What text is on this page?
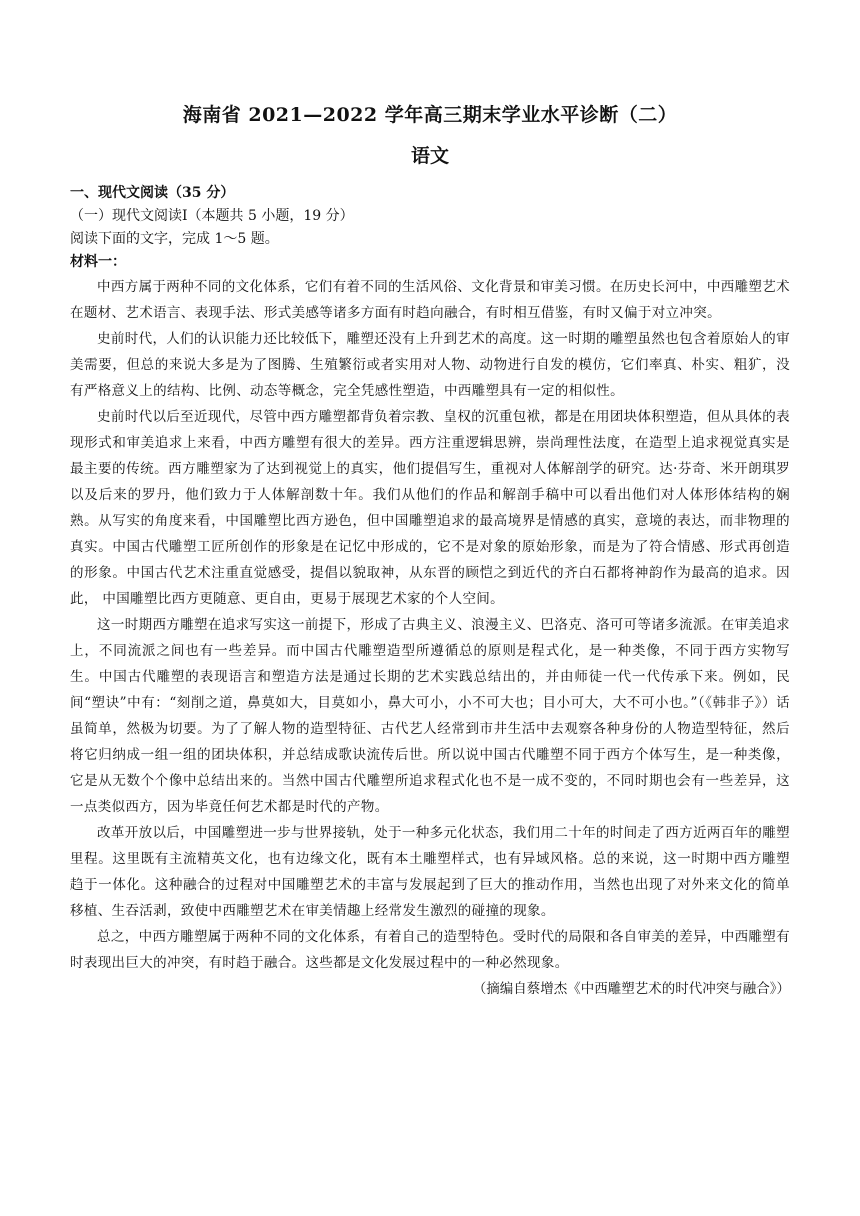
海南省 2021—2022 学年高三期末学业水平诊断（二）
语文

一、现代文阅读（35 分）

（一）现代文阅读Ⅰ（本题共 5 小题，19 分）

阅读下面的文字，完成 1～5 题。

材料一：

中西方属于两种不同的文化体系，它们有着不同的生活风俗、文化背景和审美习惯。在历史长河中，中西雕塑艺术在题材、艺术语言、表现手法、形式美感等诸多方面有时趋向融合，有时相互借鉴，有时又偏于对立冲突。

史前时代，人们的认识能力还比较低下，雕塑还没有上升到艺术的高度。这一时期的雕塑虽然也包含着原始人的审美需要，但总的来说大多是为了图腾、生殖繁衍或者实用对人物、动物进行自发的模仿，它们率真、朴实、粗犷，没有严格意义上的结构、比例、动态等概念，完全凭感性塑造，中西雕塑具有一定的相似性。

史前时代以后至近现代，尽管中西方雕塑都背负着宗教、皇权的沉重包袱，都是在用团块体积塑造，但从具体的表现形式和审美追求上来看，中西方雕塑有很大的差异。西方注重逻辑思辨，崇尚理性法度，在造型上追求视觉真实是最主要的传统。西方雕塑家为了达到视觉上的真实，他们提倡写生，重视对人体解剖学的研究。达·芬奇、米开朗琪罗以及后来的罗丹，他们致力于人体解剖数十年。我们从他们的作品和解剖手稿中可以看出他们对人体形体结构的娴熟。从写实的角度来看，中国雕塑比西方逊色，但中国雕塑追求的最高境界是情感的真实，意境的表达，而非物理的真实。中国古代雕塑工匠所创作的形象是在记忆中形成的，它不是对象的原始形象，而是为了符合情感、形式再创造的形象。中国古代艺术注重直觉感受，提倡以貌取神，从东晋的顾恺之到近代的齐白石都将神韵作为最高的追求。因此， 中国雕塑比西方更随意、更自由，更易于展现艺术家的个人空间。

这一时期西方雕塑在追求写实这一前提下，形成了古典主义、浪漫主义、巴洛克、洛可可等诸多流派。在审美追求上，不同流派之间也有一些差异。而中国古代雕塑造型所遵循总的原则是程式化，是一种类像，不同于西方实物写生。中国古代雕塑的表现语言和塑造方法是通过长期的艺术实践总结出的，并由师徒一代一代传承下来。例如，民间“塑诀”中有：“刻削之道，鼻莫如大，目莫如小，鼻大可小，小不可大也；目小可大，大不可小也。”（《韩非子》）话虽简单，然极为切要。为了了解人物的造型特征、古代艺人经常到市井生活中去观察各种身份的人物造型特征，然后将它归纳成一组一组的团块体积，并总结成歌诀流传后世。所以说中国古代雕塑不同于西方个体写生，是一种类像，它是从无数个个像中总结出来的。当然中国古代雕塑所追求程式化也不是一成不变的，不同时期也会有一些差异，这一点类似西方，因为毕竟任何艺术都是时代的产物。

改革开放以后，中国雕塑进一步与世界接轨，处于一种多元化状态，我们用二十年的时间走了西方近两百年的雕塑里程。这里既有主流精英文化，也有边缘文化，既有本土雕塑样式，也有异域风格。总的来说，这一时期中西方雕塑趋于一体化。这种融合的过程对中国雕塑艺术的丰富与发展起到了巨大的推动作用，当然也出现了对外来文化的简单移植、生吞活剥，致使中西雕塑艺术在审美情趣上经常发生激烈的碰撞的现象。

总之，中西方雕塑属于两种不同的文化体系，有着自己的造型特色。受时代的局限和各自审美的差异，中西雕塑有时表现出巨大的冲突，有时趋于融合。这些都是文化发展过程中的一种必然现象。

（摘编自蔡增杰《中西雕塑艺术的时代冲突与融合》）
